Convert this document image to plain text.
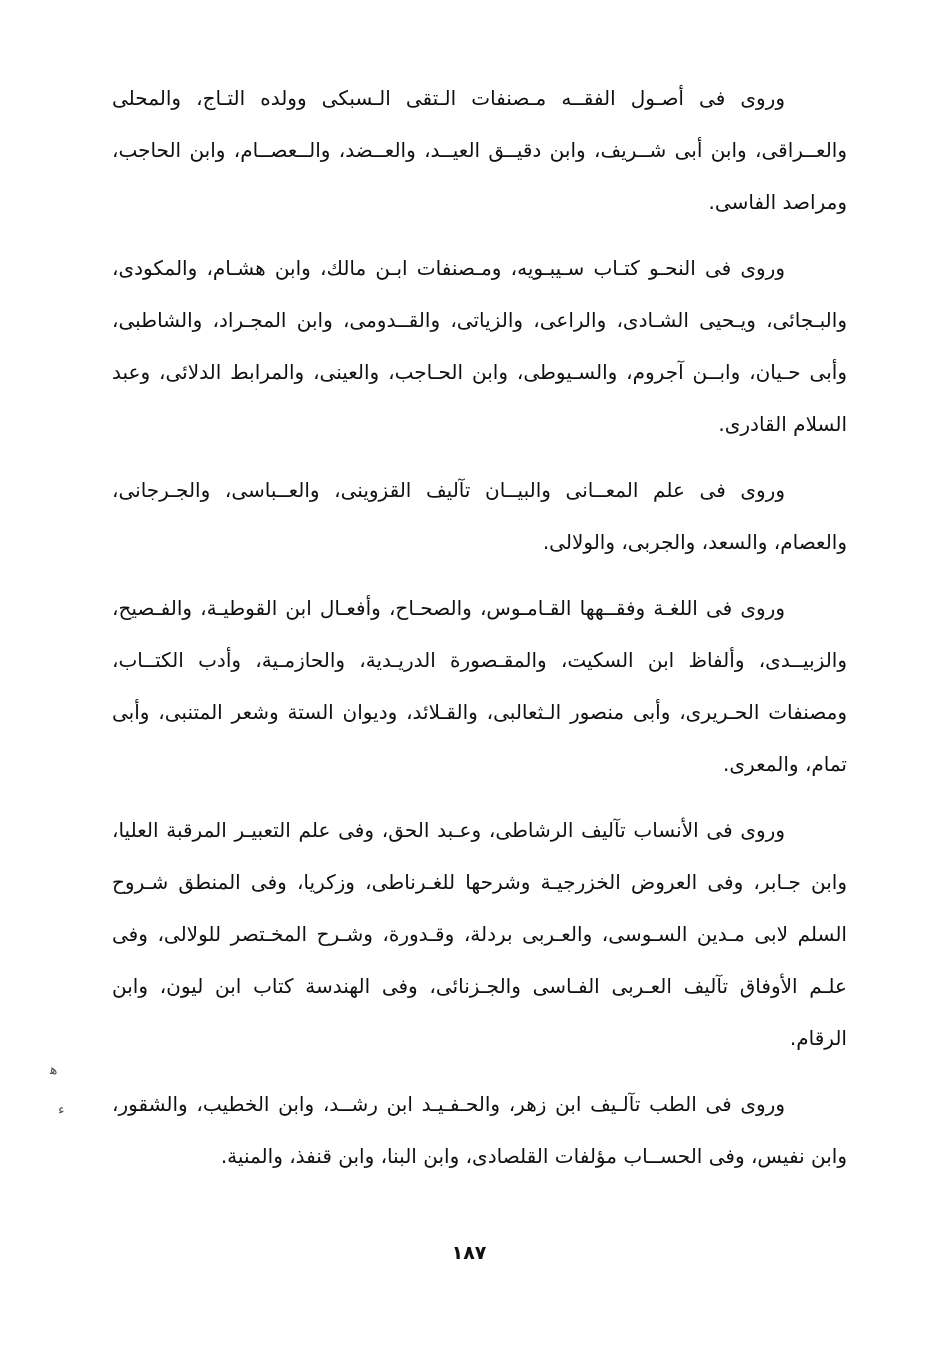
وروى فى أصـول الفقــه مـصنفات الـتقى الـسبكى وولده التـاج، والمحلى والعــراقى، وابن أبى شــريف، وابن دقيــق العيــد، والعــضد، والــعصــام، وابن الحاجب، ومراصد الفاسى.

وروى فى النحـو كتـاب سـيبـويه، ومـصنفات ابـن مالك، وابن هشـام، والمكودى، والبـجائى، ويـحيى الشـادى، والراعى، والزياتى، والقــدومى، وابن المجـراد، والشاطبى، وأبى حـيان، وابــن آجروم، والسـيوطى، وابن الحـاجب، والعينى، والمرابط الدلائى، وعبد السلام القادرى.

وروى فى علم المعــانى والبيــان تآليف القزوينى، والعــباسى، والجـرجانى، والعصام، والسعد، والجربى، والولالى.

وروى فى اللغـة وفقــهها القـامـوس، والصحـاح، وأفعـال ابن القوطيـة، والفـصيح، والزبيــدى، وألفاظ ابن السكيت، والمقـصورة الدريـدية، والحازمـية، وأدب الكتــاب، ومصنفات الحـريرى، وأبى منصور الـثعالبى، والقـلائد، وديوان الستة وشعر المتنبى، وأبى تمام، والمعرى.

وروى فى الأنساب تآليف الرشاطى، وعـبد الحق، وفى علم التعبيـر المرقبة العليا، وابن جـابر، وفى العروض الخزرجيـة وشرحها للغـرناطى، وزكريا، وفى المنطق شـروح السلم لابى مـدين السـوسى، والعـربى بردلة، وقـدورة، وشـرح المخـتصر للولالى، وفى علـم الأوفاق تآليف العـربى الفـاسى والجـزنائى، وفى الهندسة كتاب ابن ليون، وابن الرقام.

وروى فى الطب تآلـيف ابن زهر، والحـفـيـد ابن رشــد، وابن الخطيب، والشقور، وابن نفيس، وفى الحســاب مؤلفات القلصادى، وابن البنا، وابن قنفذ، والمنية.

ﻫ
ﺀ
١٨٧
